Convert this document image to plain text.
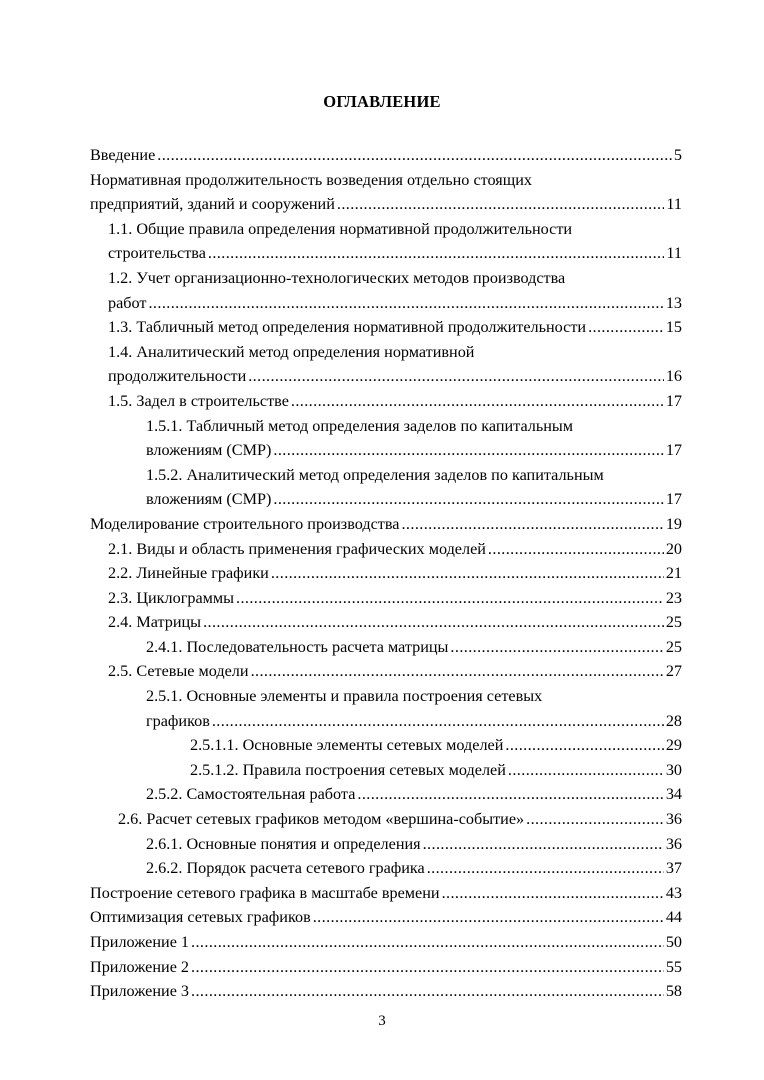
ОГЛАВЛЕНИЕ
Введение .....	5
Нормативная продолжительность возведения отдельно стоящих
предприятий, зданий и сооружений .....	11
1.1. Общие правила определения нормативной продолжительности
строительства .....	11
1.2. Учет организационно-технологических методов производства
работ .....	13
1.3. Табличный метод определения нормативной продолжительности .....	15
1.4. Аналитический метод определения нормативной
продолжительности .....	16
1.5. Задел в строительстве .....	17
1.5.1. Табличный метод определения заделов по капитальным
вложениям (СМР) .....	17
1.5.2. Аналитический метод определения заделов по капитальным
вложениям (СМР) .....	17
Моделирование строительного производства .....	19
2.1. Виды и область применения графических моделей .....	20
2.2. Линейные графики .....	21
2.3. Циклограммы .....	23
2.4. Матрицы .....	25
2.4.1. Последовательность расчета матрицы .....	25
2.5. Сетевые модели .....	27
2.5.1. Основные элементы и правила построения сетевых
графиков .....	28
2.5.1.1. Основные элементы сетевых моделей .....	29
2.5.1.2. Правила построения сетевых моделей .....	30
2.5.2. Самостоятельная работа .....	34
2.6. Расчет сетевых графиков методом «вершина-событие» .....	36
2.6.1. Основные понятия и определения .....	36
2.6.2. Порядок расчета сетевого графика .....	37
Построение сетевого графика в масштабе времени .....	43
Оптимизация сетевых графиков .....	44
Приложение 1 .....	50
Приложение 2 .....	55
Приложение 3 .....	58
3
